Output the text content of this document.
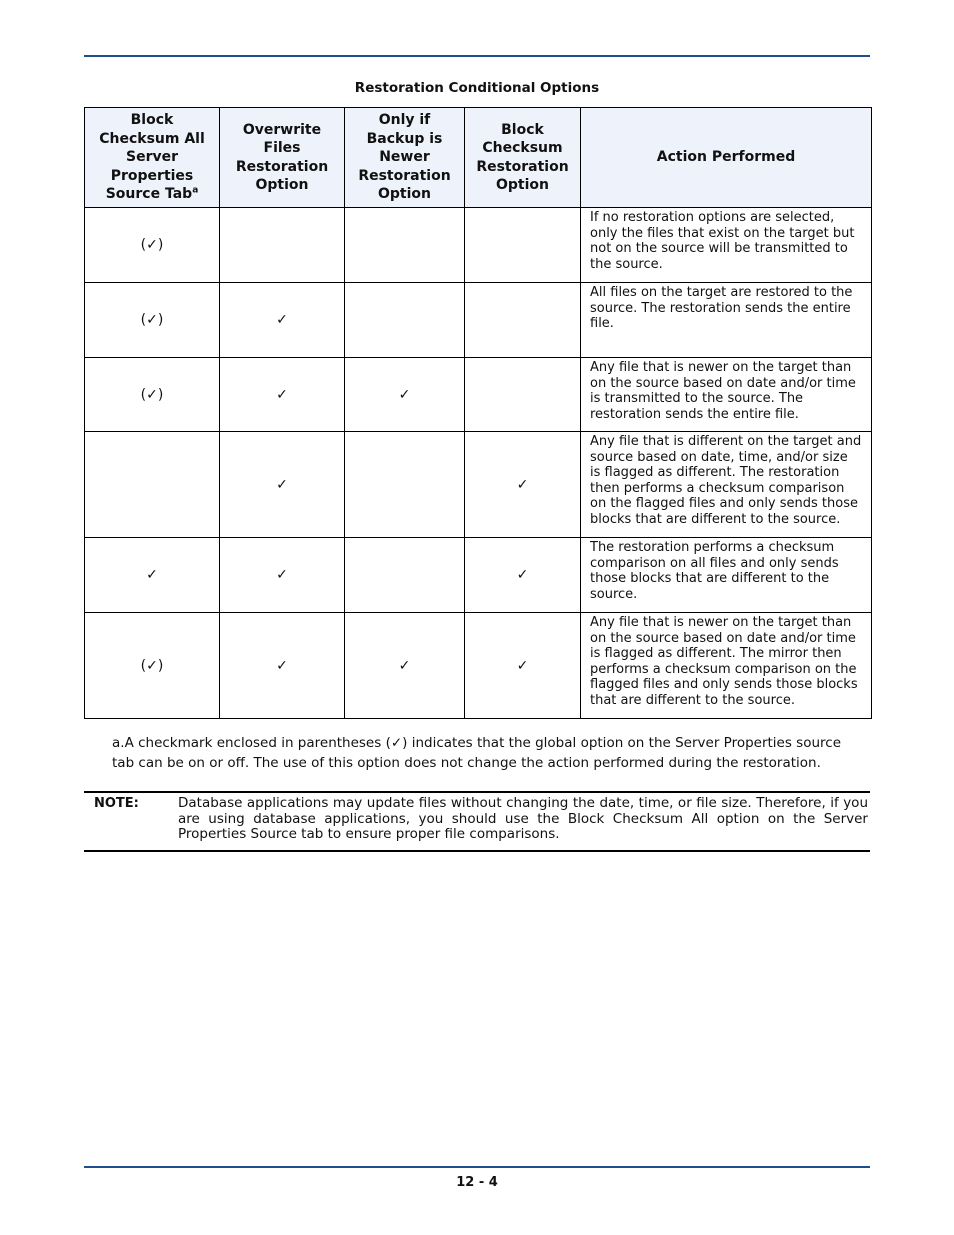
Restoration Conditional Options
Block Checksum All Server Properties Source Tab$^a$	Overwrite Files Restoration Option	Only if Backup is Newer Restoration Option	Block Checksum Restoration Option	Action Performed
(✓)				If no restoration options are selected, only the files that exist on the target but not on the source will be transmitted to the source.
(✓)	✓			All files on the target are restored to the source. The restoration sends the entire file.
(✓)	✓	✓		Any file that is newer on the target than on the source based on date and/or time is transmitted to the source. The restoration sends the entire file.
	✓		✓	Any file that is different on the target and source based on date, time, and/or size is flagged as different. The restoration then performs a checksum comparison on the flagged files and only sends those blocks that are different to the source.
✓	✓		✓	The restoration performs a checksum comparison on all files and only sends those blocks that are different to the source.
(✓)	✓	✓	✓	Any file that is newer on the target than on the source based on date and/or time is flagged as different. The mirror then performs a checksum comparison on the flagged files and only sends those blocks that are different to the source.
a.A checkmark enclosed in parentheses (✓) indicates that the global option on the Server Properties source tab can be on or off. The use of this option does not change the action performed during the restoration.
NOTE:	Database applications may update files without changing the date, time, or file size. Therefore, if you are using database applications, you should use the Block Checksum All option on the Server Properties Source tab to ensure proper file comparisons.
12 - 4
